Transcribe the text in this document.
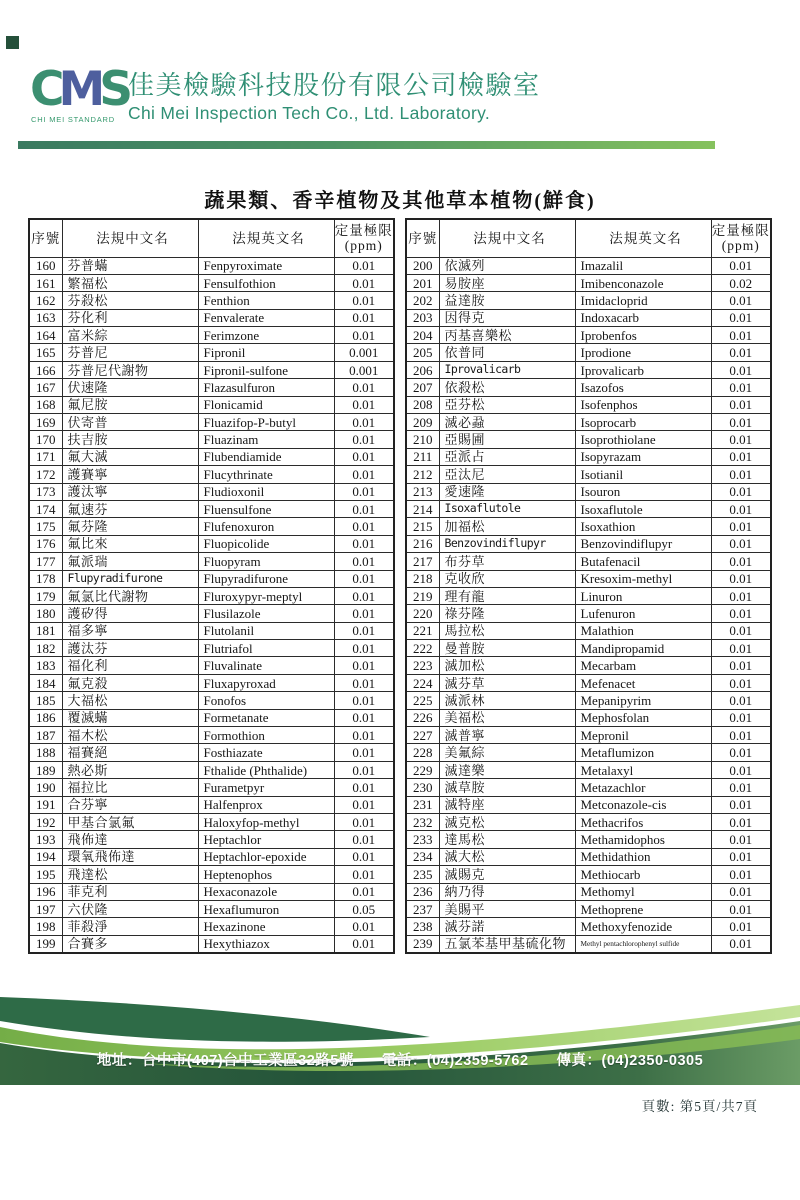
CMS
CHI MEI STANDARD
佳美檢驗科技股份有限公司檢驗室
Chi Mei Inspection Tech Co., Ltd. Laboratory.
蔬果類、香辛植物及其他草本植物(鮮食)
序號	法規中文名	法規英文名	定量極限
(ppm)
160	芬普蟎	Fenpyroximate	0.01
161	繁福松	Fensulfothion	0.01
162	芬殺松	Fenthion	0.01
163	芬化利	Fenvalerate	0.01
164	富米綜	Ferimzone	0.01
165	芬普尼	Fipronil	0.001
166	芬普尼代謝物	Fipronil-sulfone	0.001
167	伏速隆	Flazasulfuron	0.01
168	氟尼胺	Flonicamid	0.01
169	伏寄普	Fluazifop-P-butyl	0.01
170	扶吉胺	Fluazinam	0.01
171	氟大滅	Flubendiamide	0.01
172	護賽寧	Flucythrinate	0.01
173	護汰寧	Fludioxonil	0.01
174	氟速芬	Fluensulfone	0.01
175	氟芬隆	Flufenoxuron	0.01
176	氟比來	Fluopicolide	0.01
177	氟派瑞	Fluopyram	0.01
178	Flupyradifurone	Flupyradifurone	0.01
179	氟氯比代謝物	Fluroxypyr-meptyl	0.01
180	護矽得	Flusilazole	0.01
181	福多寧	Flutolanil	0.01
182	護汰芬	Flutriafol	0.01
183	福化利	Fluvalinate	0.01
184	氟克殺	Fluxapyroxad	0.01
185	大福松	Fonofos	0.01
186	覆滅蟎	Formetanate	0.01
187	福木松	Formothion	0.01
188	福賽絕	Fosthiazate	0.01
189	熱必斯	Fthalide (Phthalide)	0.01
190	福拉比	Furametpyr	0.01
191	合芬寧	Halfenprox	0.01
192	甲基合氯氟	Haloxyfop-methyl	0.01
193	飛佈達	Heptachlor	0.01
194	環氧飛佈達	Heptachlor-epoxide	0.01
195	飛達松	Heptenophos	0.01
196	菲克利	Hexaconazole	0.01
197	六伏隆	Hexaflumuron	0.05
198	菲殺淨	Hexazinone	0.01
199	合賽多	Hexythiazox	0.01
序號	法規中文名	法規英文名	定量極限
(ppm)
200	依滅列	Imazalil	0.01
201	易胺座	Imibenconazole	0.02
202	益達胺	Imidacloprid	0.01
203	因得克	Indoxacarb	0.01
204	丙基喜樂松	Iprobenfos	0.01
205	依普同	Iprodione	0.01
206	Iprovalicarb	Iprovalicarb	0.01
207	依殺松	Isazofos	0.01
208	亞芬松	Isofenphos	0.01
209	滅必蝨	Isoprocarb	0.01
210	亞賜圃	Isoprothiolane	0.01
211	亞派占	Isopyrazam	0.01
212	亞汰尼	Isotianil	0.01
213	愛速隆	Isouron	0.01
214	Isoxaflutole	Isoxaflutole	0.01
215	加福松	Isoxathion	0.01
216	Benzovindiflupyr	Benzovindiflupyr	0.01
217	布芬草	Butafenacil	0.01
218	克收欣	Kresoxim-methyl	0.01
219	理有龍	Linuron	0.01
220	祿芬隆	Lufenuron	0.01
221	馬拉松	Malathion	0.01
222	曼普胺	Mandipropamid	0.01
223	滅加松	Mecarbam	0.01
224	滅芬草	Mefenacet	0.01
225	滅派林	Mepanipyrim	0.01
226	美福松	Mephosfolan	0.01
227	滅普寧	Mepronil	0.01
228	美氟綜	Metaflumizon	0.01
229	滅達樂	Metalaxyl	0.01
230	滅草胺	Metazachlor	0.01
231	滅特座	Metconazole-cis	0.01
232	滅克松	Methacrifos	0.01
233	達馬松	Methamidophos	0.01
234	滅大松	Methidathion	0.01
235	滅賜克	Methiocarb	0.01
236	納乃得	Methomyl	0.01
237	美賜平	Methoprene	0.01
238	滅芬諾	Methoxyfenozide	0.01
239	五氯苯基甲基硫化物	Methyl pentachlorophenyl sulfide	0.01
地址：台中市(407)台中工業區32路5號 電話：(04)2359-5762 傳真：(04)2350-0305
頁數: 第5頁/共7頁
